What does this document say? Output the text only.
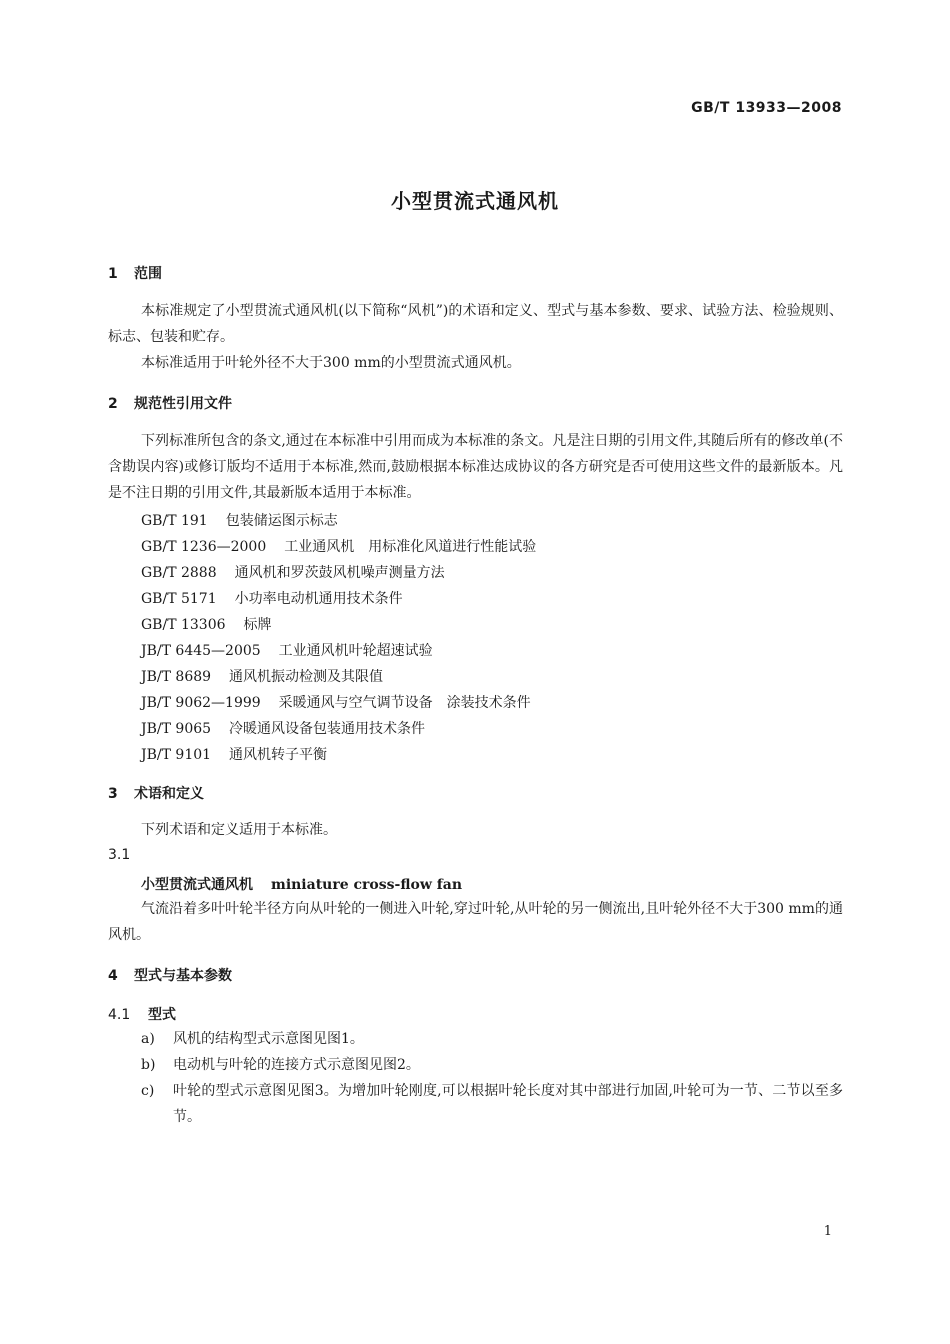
GB/T 13933—2008
小型贯流式通风机
1 范围
本标准规定了小型贯流式通风机(以下简称“风机”)的术语和定义、型式与基本参数、要求、试验方法、检验规则、标志、包装和贮存。
本标准适用于叶轮外径不大于300 mm的小型贯流式通风机。
2 规范性引用文件
下列标准所包含的条文,通过在本标准中引用而成为本标准的条文。凡是注日期的引用文件,其随后所有的修改单(不含勘误内容)或修订版均不适用于本标准,然而,鼓励根据本标准达成协议的各方研究是否可使用这些文件的最新版本。凡是不注日期的引用文件,其最新版本适用于本标准。
GB/T 191 包装储运图示标志
GB/T 1236—2000 工业通风机　用标准化风道进行性能试验
GB/T 2888 通风机和罗茨鼓风机噪声测量方法
GB/T 5171 小功率电动机通用技术条件
GB/T 13306 标牌
JB/T 6445—2005 工业通风机叶轮超速试验
JB/T 8689 通风机振动检测及其限值
JB/T 9062—1999 采暖通风与空气调节设备　涂装技术条件
JB/T 9065 冷暖通风设备包装通用技术条件
JB/T 9101 通风机转子平衡
3 术语和定义
下列术语和定义适用于本标准。
3.1
小型贯流式通风机 miniature cross-flow fan
气流沿着多叶叶轮半径方向从叶轮的一侧进入叶轮,穿过叶轮,从叶轮的另一侧流出,且叶轮外径不大于300 mm的通风机。
4 型式与基本参数
4.1 型式
a)	风机的结构型式示意图见图1。
b)	电动机与叶轮的连接方式示意图见图2。
c)	叶轮的型式示意图见图3。为增加叶轮刚度,可以根据叶轮长度对其中部进行加固,叶轮可为一节、二节以至多节。
1
